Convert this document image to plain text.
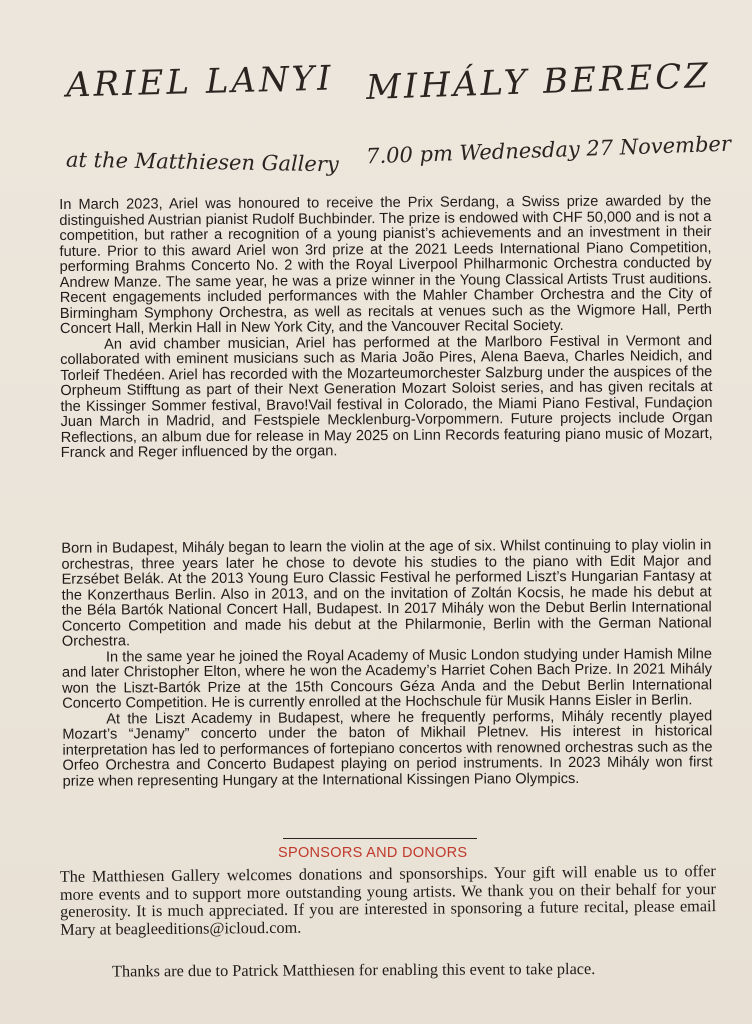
ARIEL LANYI MIHÁLY BERECZ
at the Matthiesen Gallery 7.00 pm Wednesday 27 November

In March 2023, Ariel was honoured to receive the Prix Serdang, a Swiss prize awarded by the distinguished Austrian pianist Rudolf Buchbinder. The prize is endowed with CHF 50,000 and is not a competition, but rather a recognition of a young pianist’s achievements and an investment in their future. Prior to this award Ariel won 3rd prize at the 2021 Leeds International Piano Competition, performing Brahms Concerto No. 2 with the Royal Liverpool Philharmonic Orchestra conducted by Andrew Manze. The same year, he was a prize winner in the Young Classical Artists Trust auditions. Recent engagements included performances with the Mahler Chamber Orchestra and the City of Birmingham Symphony Orchestra, as well as recitals at venues such as the Wigmore Hall, Perth Concert Hall, Merkin Hall in New York City, and the Vancouver Recital Society.

An avid chamber musician, Ariel has performed at the Marlboro Festival in Vermont and collaborated with eminent musicians such as Maria João Pires, Alena Baeva, Charles Neidich, and Torleif Thedéen. Ariel has recorded with the Mozarteumorchester Salzburg under the auspices of the Orpheum Stifftung as part of their Next Generation Mozart Soloist series, and has given recitals at the Kissinger Sommer festival, Bravo!Vail festival in Colorado, the Miami Piano Festival, Fundaçion Juan March in Madrid, and Festspiele Mecklenburg-Vorpommern. Future projects include Organ Reflections, an album due for release in May 2025 on Linn Records featuring piano music of Mozart, Franck and Reger influenced by the organ.

Born in Budapest, Mihály began to learn the violin at the age of six. Whilst continuing to play violin in orchestras, three years later he chose to devote his studies to the piano with Edit Major and Erzsébet Belák. At the 2013 Young Euro Classic Festival he performed Liszt’s Hungarian Fantasy at the Konzerthaus Berlin. Also in 2013, and on the invitation of Zoltán Kocsis, he made his debut at the Béla Bartók National Concert Hall, Budapest. In 2017 Mihály won the Debut Berlin International Concerto Competition and made his debut at the Philarmonie, Berlin with the German National Orchestra.

In the same year he joined the Royal Academy of Music London studying under Hamish Milne and later Christopher Elton, where he won the Academy’s Harriet Cohen Bach Prize. In 2021 Mihály won the Liszt-Bartók Prize at the 15th Concours Géza Anda and the Debut Berlin International Concerto Competition. He is currently enrolled at the Hochschule für Musik Hanns Eisler in Berlin.

At the Liszt Academy in Budapest, where he frequently performs, Mihály recently played Mozart’s “Jenamy” concerto under the baton of Mikhail Pletnev. His interest in historical interpretation has led to performances of fortepiano concertos with renowned orchestras such as the Orfeo Orchestra and Concerto Budapest playing on period instruments. In 2023 Mihály won first prize when representing Hungary at the International Kissingen Piano Olympics.

SPONSORS AND DONORS
The Matthiesen Gallery welcomes donations and sponsorships. Your gift will enable us to offer more events and to support more outstanding young artists. We thank you on their behalf for your generosity. It is much appreciated. If you are interested in sponsoring a future recital, please email Mary at beagleeditions@icloud.com.
Thanks are due to Patrick Matthiesen for enabling this event to take place.
